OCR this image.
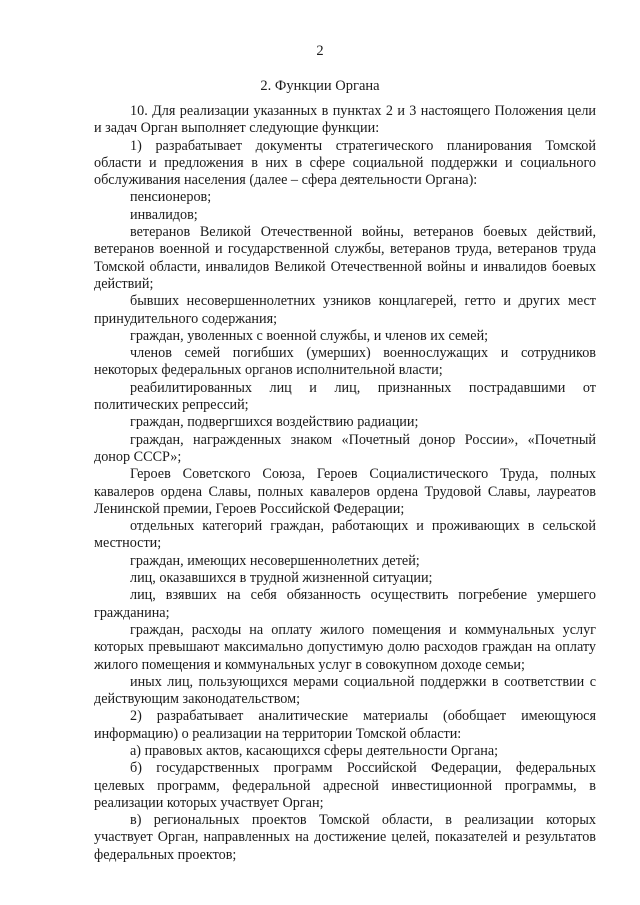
2
2. Функции Органа

10. Для реализации указанных в пунктах 2 и 3 настоящего Положения цели и задач Орган выполняет следующие функции:

1) разрабатывает документы стратегического планирования Томской области и предложения в них в сфере социальной поддержки и социального обслуживания населения (далее – сфера деятельности Органа):

пенсионеров;

инвалидов;

ветеранов Великой Отечественной войны, ветеранов боевых действий, ветеранов военной и государственной службы, ветеранов труда, ветеранов труда Томской области, инвалидов Великой Отечественной войны и инвалидов боевых действий;

бывших несовершеннолетних узников концлагерей, гетто и других мест принудительного содержания;

граждан, уволенных с военной службы, и членов их семей;

членов семей погибших (умерших) военнослужащих и сотрудников некоторых федеральных органов исполнительной власти;

реабилитированных лиц и лиц, признанных пострадавшими от политических репрессий;

граждан, подвергшихся воздействию радиации;

граждан, награжденных знаком «Почетный донор России», «Почетный донор СССР»;

Героев Советского Союза, Героев Социалистического Труда, полных кавалеров ордена Славы, полных кавалеров ордена Трудовой Славы, лауреатов Ленинской премии, Героев Российской Федерации;

отдельных категорий граждан, работающих и проживающих в сельской местности;

граждан, имеющих несовершеннолетних детей;

лиц, оказавшихся в трудной жизненной ситуации;

лиц, взявших на себя обязанность осуществить погребение умершего гражданина;

граждан, расходы на оплату жилого помещения и коммунальных услуг которых превышают максимально допустимую долю расходов граждан на оплату жилого помещения и коммунальных услуг в совокупном доходе семьи;

иных лиц, пользующихся мерами социальной поддержки в соответствии с действующим законодательством;

2) разрабатывает аналитические материалы (обобщает имеющуюся информацию) о реализации на территории Томской области:

а) правовых актов, касающихся сферы деятельности Органа;

б) государственных программ Российской Федерации, федеральных целевых программ, федеральной адресной инвестиционной программы, в реализации которых участвует Орган;

в) региональных проектов Томской области, в реализации которых участвует Орган, направленных на достижение целей, показателей и результатов федеральных проектов;
